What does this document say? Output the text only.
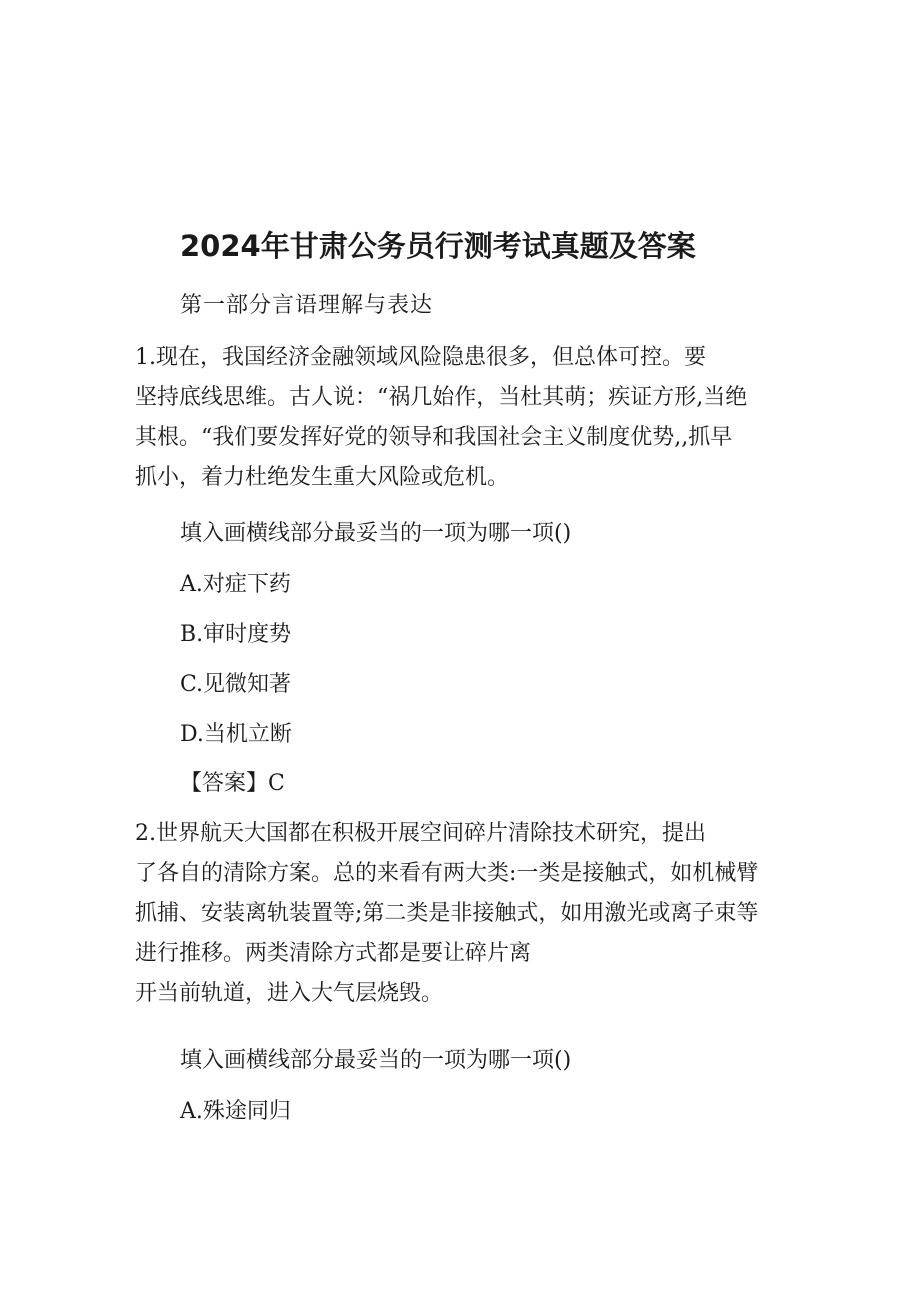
2024年甘肃公务员行测考试真题及答案

第一部分言语理解与表达

1.现在，我国经济金融领域风险隐患很多，但总体可控。要
坚持底线思维。古人说：“祸几始作，当杜其萌；疾证方形,当绝
其根。“我们要发挥好党的领导和我国社会主义制度优势,,抓早
抓小，着力杜绝发生重大风险或危机。

填入画横线部分最妥当的一项为哪一项()

A.对症下药

B.审时度势

C.见微知著

D.当机立断

【答案】C

2.世界航天大国都在积极开展空间碎片清除技术研究，提出
了各自的清除方案。总的来看有两大类:一类是接触式，如机械臂
抓捕、安装离轨装置等;第二类是非接触式，如用激光或离子束等
进行推移。两类清除方式都是要让碎片离
开当前轨道，进入大气层烧毁。

填入画横线部分最妥当的一项为哪一项()

A.殊途同归
